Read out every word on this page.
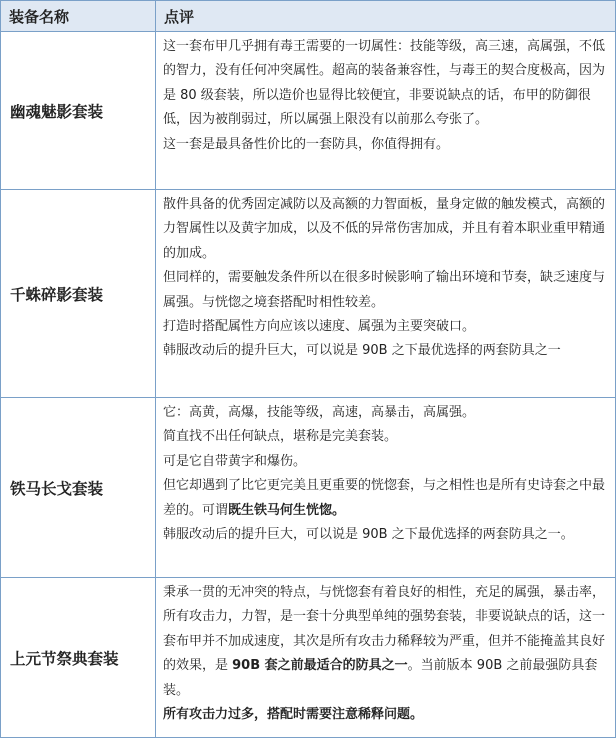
装备名称	点评
幽魂魅影套装	这一套布甲几乎拥有毒王需要的一切属性：技能等级，高三速，高属强，不低的智力，没有任何冲突属性。超高的装备兼容性，与毒王的契合度极高，因为是 80 级套装，所以造价也显得比较便宜，非要说缺点的话，布甲的防御很低，因为被削弱过，所以属强上限没有以前那么夸张了。

这一套是最具备性价比的一套防具，你值得拥有。

千蛛碎影套装	散件具备的优秀固定减防以及高额的力智面板，量身定做的触发模式，高额的力智属性以及黄字加成，以及不低的异常伤害加成，并且有着本职业重甲精通的加成。

但同样的，需要触发条件所以在很多时候影响了输出环境和节奏，缺乏速度与属强。与恍惚之境套搭配时相性较差。

打造时搭配属性方向应该以速度、属强为主要突破口。

韩服改动后的提升巨大，可以说是 90B 之下最优选择的两套防具之一

铁马长戈套装	它：高黄，高爆，技能等级，高速，高暴击，高属强。

简直找不出任何缺点，堪称是完美套装。

可是它自带黄字和爆伤。

但它却遇到了比它更完美且更重要的恍惚套，与之相性也是所有史诗套之中最差的。可谓既生铁马何生恍惚。

韩服改动后的提升巨大，可以说是 90B 之下最优选择的两套防具之一。

上元节祭典套装	秉承一贯的无冲突的特点，与恍惚套有着良好的相性，充足的属强，暴击率，所有攻击力，力智，是一套十分典型单纯的强势套装，非要说缺点的话，这一套布甲并不加成速度，其次是所有攻击力稀释较为严重，但并不能掩盖其良好的效果，是 90B 套之前最适合的防具之一。当前版本 90B 之前最强防具套装。

所有攻击力过多，搭配时需要注意稀释问题。
